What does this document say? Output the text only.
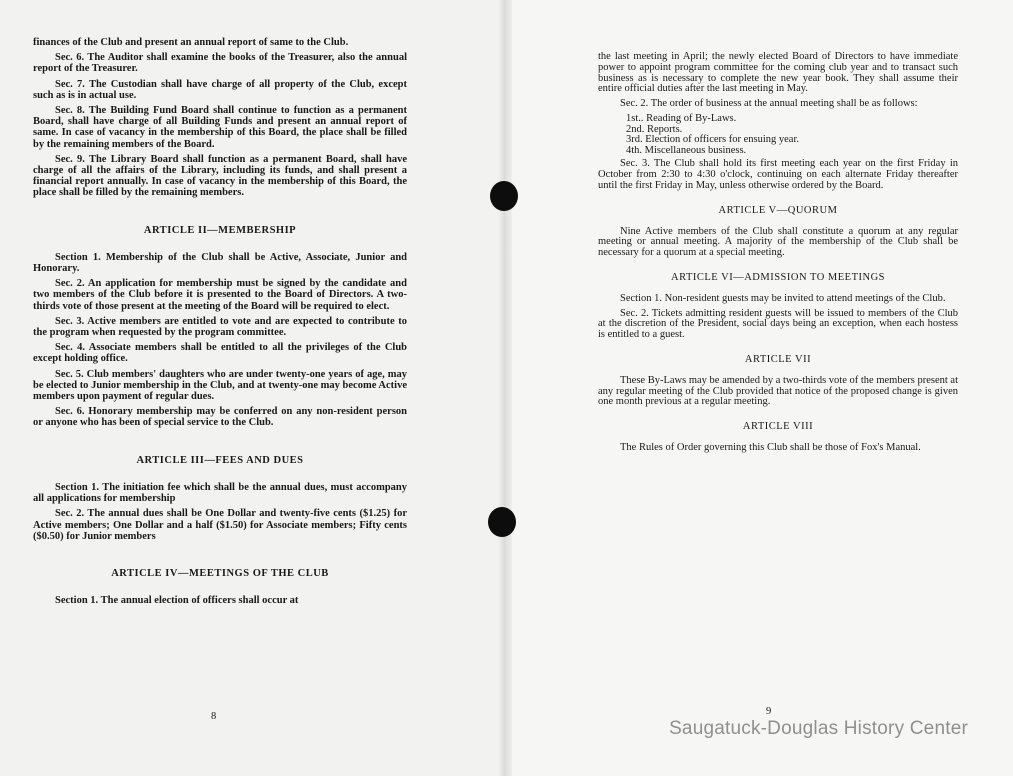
finances of the Club and present an annual report of same to the Club.

Sec. 6. The Auditor shall examine the books of the Treasurer, also the annual report of the Treasurer.

Sec. 7. The Custodian shall have charge of all property of the Club, except such as is in actual use.

Sec. 8. The Building Fund Board shall continue to function as a permanent Board, shall have charge of all Building Funds and present an annual report of same. In case of vacancy in the membership of this Board, the place shall be filled by the remaining members of the Board.

Sec. 9. The Library Board shall function as a permanent Board, shall have charge of all the affairs of the Library, including its funds, and shall present a financial report annually. In case of vacancy in the membership of this Board, the place shall be filled by the remaining members.

ARTICLE II—MEMBERSHIP

Section 1. Membership of the Club shall be Active, Associate, Junior and Honorary.

Sec. 2. An application for membership must be signed by the candidate and two members of the Club before it is presented to the Board of Directors. A two-thirds vote of those present at the meeting of the Board will be required to elect.

Sec. 3. Active members are entitled to vote and are expected to contribute to the program when requested by the program committee.

Sec. 4. Associate members shall be entitled to all the privileges of the Club except holding office.

Sec. 5. Club members' daughters who are under twenty-one years of age, may be elected to Junior membership in the Club, and at twenty-one may become Active members upon payment of regular dues.

Sec. 6. Honorary membership may be conferred on any non-resident person or anyone who has been of special service to the Club.

ARTICLE III—FEES AND DUES

Section 1. The initiation fee which shall be the annual dues, must accompany all applications for membership

Sec. 2. The annual dues shall be One Dollar and twenty-five cents ($1.25) for Active members; One Dollar and a half ($1.50) for Associate members; Fifty cents ($0.50) for Junior members

ARTICLE IV—MEETINGS OF THE CLUB

Section 1. The annual election of officers shall occur at

8

the last meeting in April; the newly elected Board of Directors to have immediate power to appoint program committee for the coming club year and to transact such business as is necessary to complete the new year book. They shall assume their entire official duties after the last meeting in May.

Sec. 2. The order of business at the annual meeting shall be as follows:

1st.. Reading of By-Laws.
2nd. Reports.
3rd. Election of officers for ensuing year.
4th. Miscellaneous business.

Sec. 3. The Club shall hold its first meeting each year on the first Friday in October from 2:30 to 4:30 o'clock, continuing on each alternate Friday thereafter until the first Friday in May, unless otherwise ordered by the Board.

ARTICLE V—QUORUM

Nine Active members of the Club shall constitute a quorum at any regular meeting or annual meeting. A majority of the membership of the Club shall be necessary for a quorum at a special meeting.

ARTICLE VI—ADMISSION TO MEETINGS

Section 1. Non-resident guests may be invited to attend meetings of the Club.

Sec. 2. Tickets admitting resident guests will be issued to members of the Club at the discretion of the President, social days being an exception, when each hostess is entitled to a guest.

ARTICLE VII

These By-Laws may be amended by a two-thirds vote of the members present at any regular meeting of the Club provided that notice of the proposed change is given one month previous at a regular meeting.

ARTICLE VIII

The Rules of Order governing this Club shall be those of Fox's Manual.

9
Saugatuck-Douglas History Center
